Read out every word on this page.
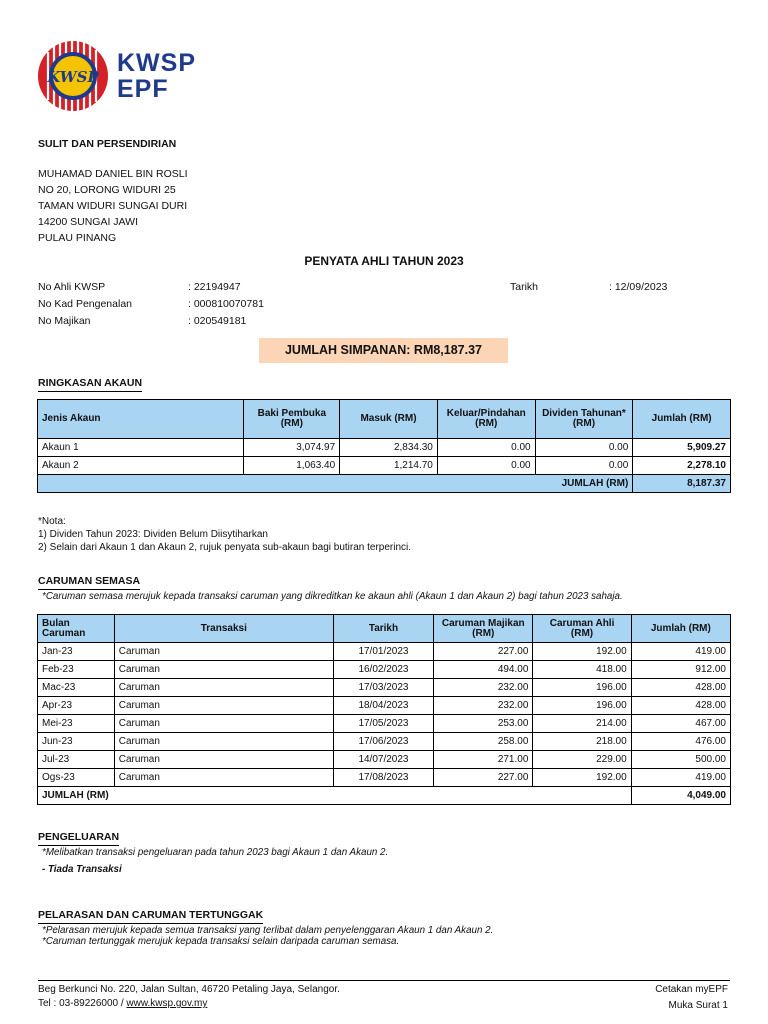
KWSP KWSP
EPF
SULIT DAN PERSENDIRIAN
MUHAMAD DANIEL BIN ROSLI
NO 20, LORONG WIDURI 25
TAMAN WIDURI SUNGAI DURI
14200 SUNGAI JAWI
PULAU PINANG
PENYATA AHLI TAHUN 2023
No Ahli KWSP	: 22194947	Tarikh	: 12/09/2023
No Kad Pengenalan	: 000810070781
No Majikan	: 020549181
JUMLAH SIMPANAN: RM8,187.37
RINGKASAN AKAUN
Jenis Akaun	Baki Pembuka (RM)	Masuk (RM)	Keluar/Pindahan (RM)	Dividen Tahunan* (RM)	Jumlah (RM)
Akaun 1	3,074.97	2,834.30	0.00	0.00	5,909.27
Akaun 2	1,063.40	1,214.70	0.00	0.00	2,278.10
JUMLAH (RM)					8,187.37
*Nota:
1) Dividen Tahun 2023: Dividen Belum Diisytiharkan
2) Selain dari Akaun 1 dan Akaun 2, rujuk penyata sub-akaun bagi butiran terperinci.
CARUMAN SEMASA
*Caruman semasa merujuk kepada transaksi caruman yang dikreditkan ke akaun ahli (Akaun 1 dan Akaun 2) bagi tahun 2023 sahaja.
Bulan Caruman	Transaksi	Tarikh	Caruman Majikan (RM)	Caruman Ahli (RM)	Jumlah (RM)
Jan-23	Caruman	17/01/2023	227.00	192.00	419.00
Feb-23	Caruman	16/02/2023	494.00	418.00	912.00
Mac-23	Caruman	17/03/2023	232.00	196.00	428.00
Apr-23	Caruman	18/04/2023	232.00	196.00	428.00
Mei-23	Caruman	17/05/2023	253.00	214.00	467.00
Jun-23	Caruman	17/06/2023	258.00	218.00	476.00
Jul-23	Caruman	14/07/2023	271.00	229.00	500.00
Ogs-23	Caruman	17/08/2023	227.00	192.00	419.00
JUMLAH (RM)					4,049.00
PENGELUARAN
*Melibatkan transaksi pengeluaran pada tahun 2023 bagi Akaun 1 dan Akaun 2.
- Tiada Transaksi
PELARASAN DAN CARUMAN TERTUNGGAK
*Pelarasan merujuk kepada semua transaksi yang terlibat dalam penyelenggaran Akaun 1 dan Akaun 2.
*Caruman tertunggak merujuk kepada transaksi selain daripada caruman semasa.
Beg Berkunci No. 220, Jalan Sultan, 46720 Petaling Jaya, Selangor.
Tel : 03-89226000 / www.kwsp.gov.my
Cetakan myEPF
Muka Surat 1
